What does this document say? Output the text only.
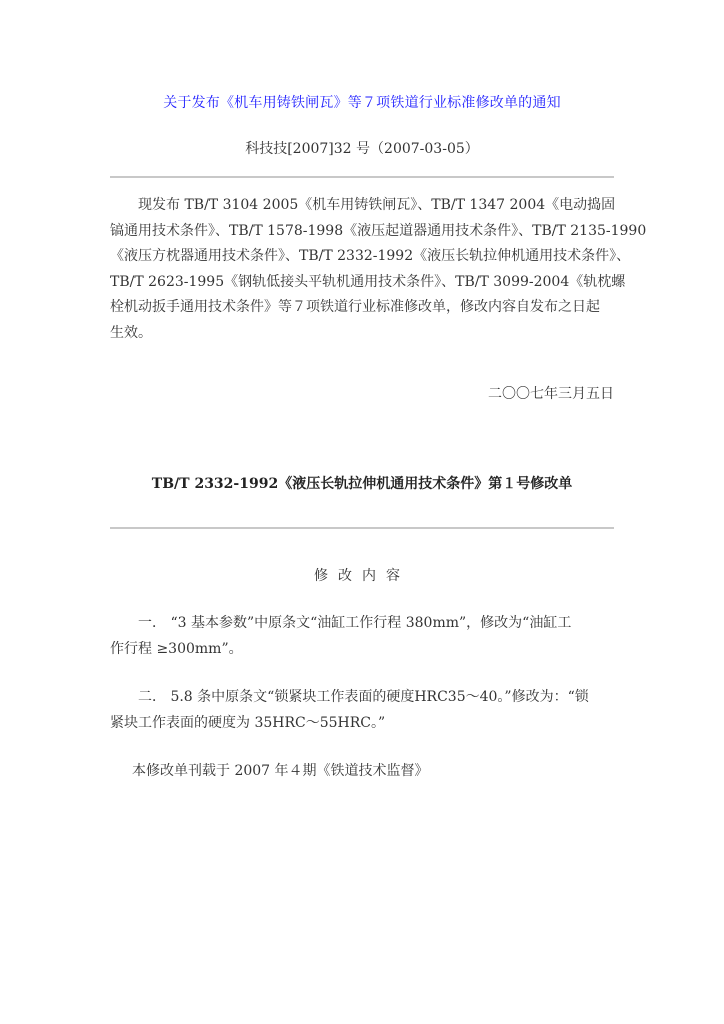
关于发布《机车用铸铁闸瓦》等７项铁道行业标准修改单的通知
科技技[2007]32 号（2007-03-05）
现发布 TB/T 3104 2005《机车用铸铁闸瓦》、TB/T 1347 2004《电动捣固
镐通用技术条件》、TB/T 1578-1998《液压起道器通用技术条件》、TB/T 2135-1990
《液压方枕器通用技术条件》、TB/T 2332-1992《液压长轨拉伸机通用技术条件》、
TB/T 2623-1995《钢轨低接头平轨机通用技术条件》、TB/T 3099-2004《轨枕螺
栓机动扳手通用技术条件》等７项铁道行业标准修改单，修改内容自发布之日起
生效。
二〇〇七年三月五日
TB/T 2332-1992《液压长轨拉伸机通用技术条件》第１号修改单
修改内容
一． “3 基本参数”中原条文“油缸工作行程 380mm”，修改为“油缸工
作行程 ≥300mm”。
二． 5.8 条中原条文“锁紧块工作表面的硬度HRC35～40。”修改为：“锁
紧块工作表面的硬度为 35HRC～55HRC。”
本修改单刊载于 2007 年４期《铁道技术监督》
